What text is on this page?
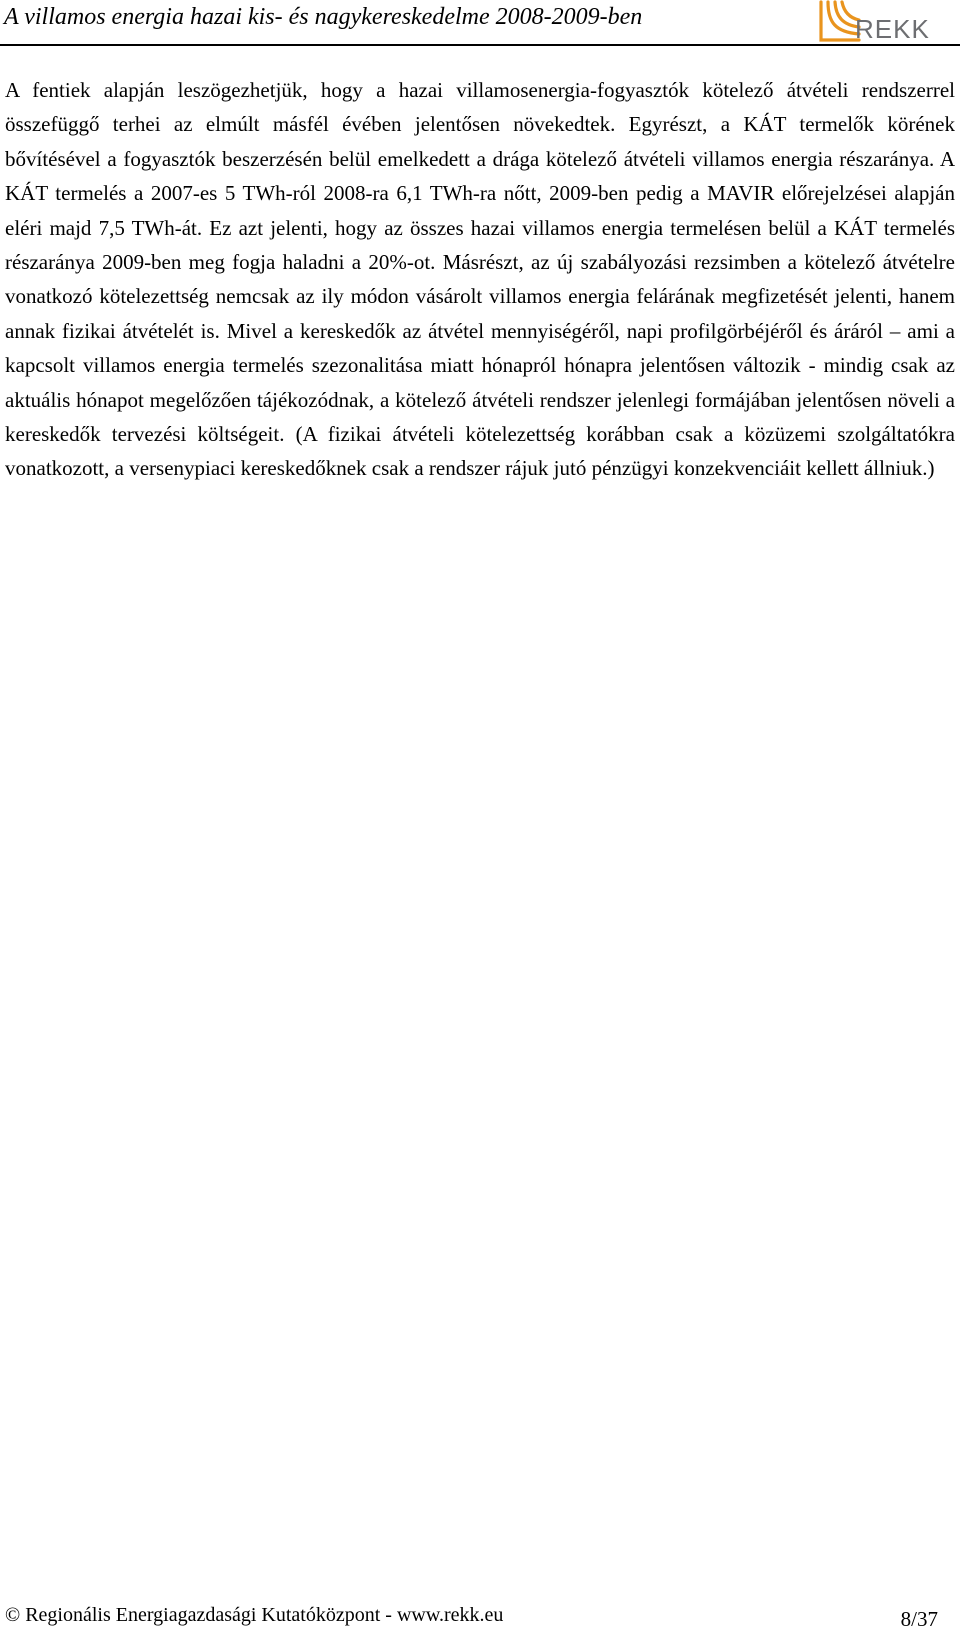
A villamos energia hazai kis- és nagykereskedelme 2008-2009-ben	REKK

A fentiek alapján leszögezhetjük, hogy a hazai villamosenergia-fogyasztók kötelező átvételi rendszerrel összefüggő terhei az elmúlt másfél évében jelentősen növekedtek. Egyrészt, a KÁT termelők körének bővítésével a fogyasztók beszerzésén belül emelkedett a drága kötelező átvételi villamos energia részaránya. A KÁT termelés a 2007-es 5 TWh-ról 2008-ra 6,1 TWh-ra nőtt, 2009-ben pedig a MAVIR előrejelzései alapján eléri majd 7,5 TWh-át. Ez azt jelenti, hogy az összes hazai villamos energia termelésen belül a KÁT termelés részaránya 2009-ben meg fogja haladni a 20%-ot. Másrészt, az új szabályozási rezsimben a kötelező átvételre vonatkozó kötelezettség nemcsak az ily módon vásárolt villamos energia felárának megfizetését jelenti, hanem annak fizikai átvételét is. Mivel a kereskedők az átvétel mennyiségéről, napi profilgörbéjéről és áráról – ami a kapcsolt villamos energia termelés szezonalitása miatt hónapról hónapra jelentősen változik - mindig csak az aktuális hónapot megelőzően tájékozódnak, a kötelező átvételi rendszer jelenlegi formájában jelentősen növeli a kereskedők tervezési költségeit. (A fizikai átvételi kötelezettség korábban csak a közüzemi szolgáltatókra vonatkozott, a versenypiaci kereskedőknek csak a rendszer rájuk jutó pénzügyi konzekvenciáit kellett állniuk.)

© Regionális Energiagazdasági Kutatóközpont - www.rekk.eu	8/37
